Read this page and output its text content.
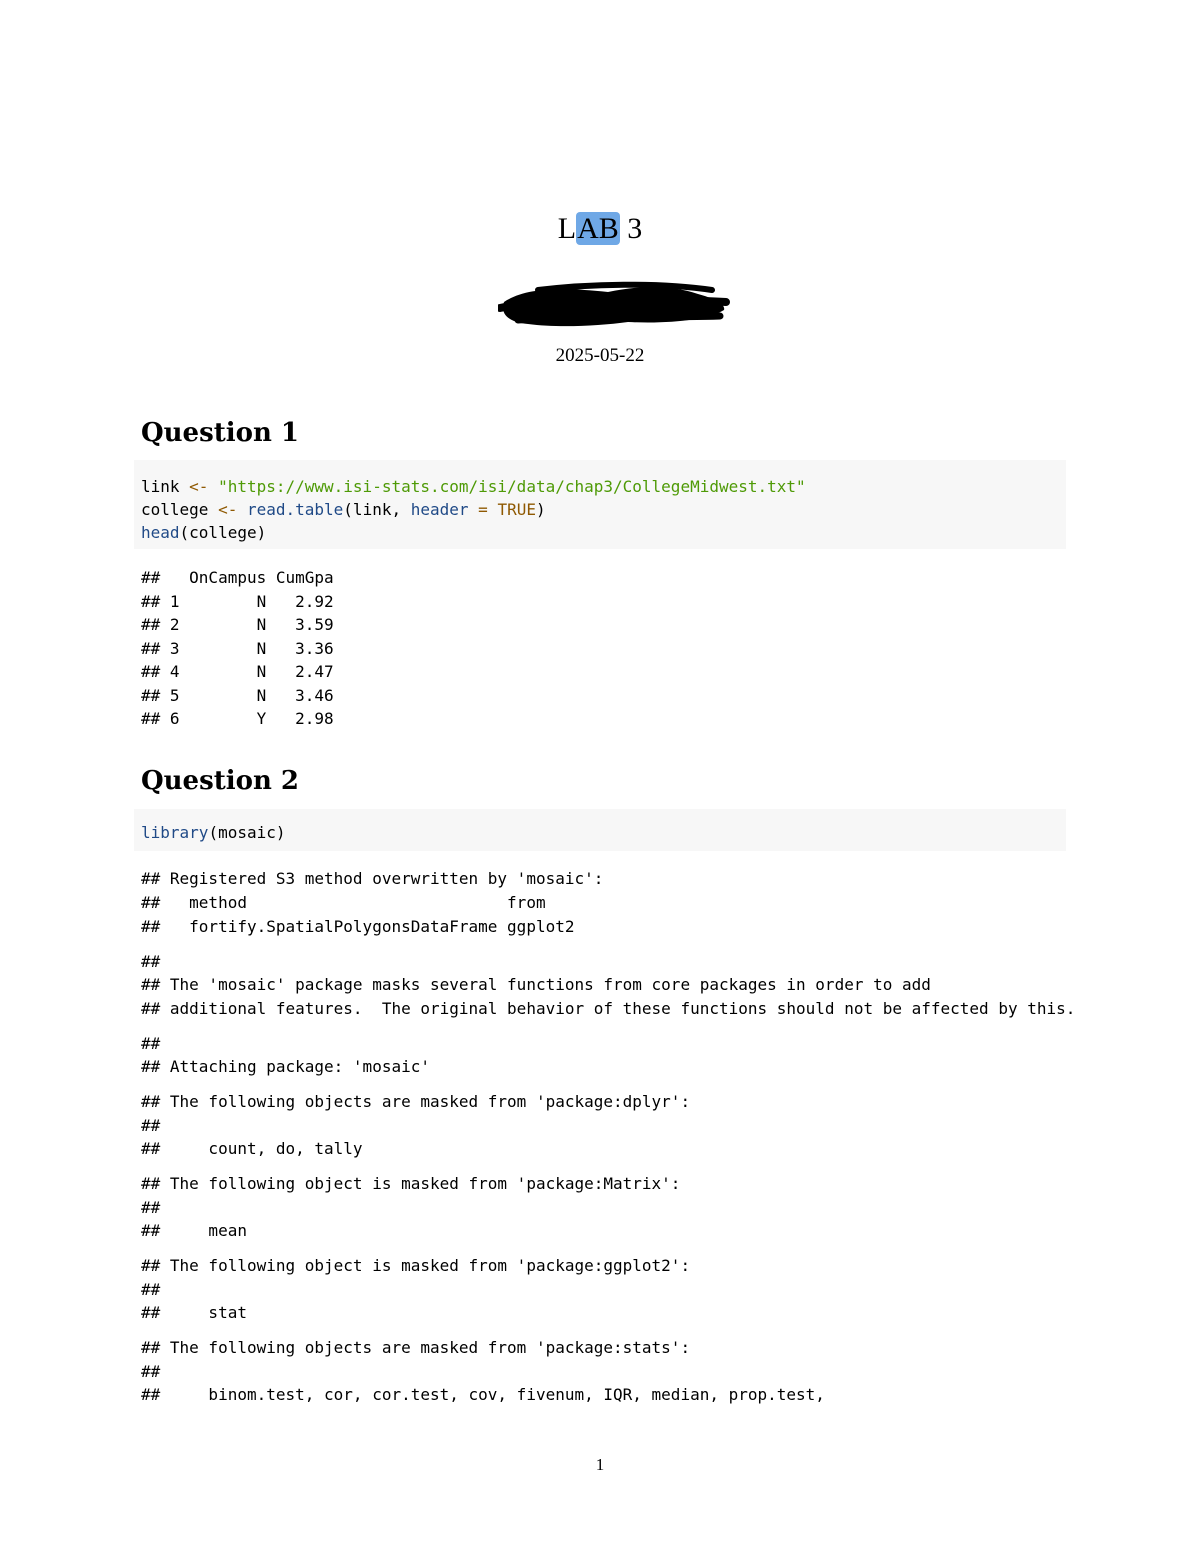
LAB 3
2025-05-22
Question 1

link <- "https://www.isi-stats.com/isi/data/chap3/CollegeMidwest.txt"

college <- read.table(link, header = TRUE)

head(college)

##   OnCampus CumGpa

## 1        N   2.92

## 2        N   3.59

## 3        N   3.36

## 4        N   2.47

## 5        N   3.46

## 6        Y   2.98

Question 2

library(mosaic)

## Registered S3 method overwritten by 'mosaic':

##   method                           from

##   fortify.SpatialPolygonsDataFrame ggplot2

##

## The 'mosaic' package masks several functions from core packages in order to add

## additional features.  The original behavior of these functions should not be affected by this.

##

## Attaching package: 'mosaic'

## The following objects are masked from 'package:dplyr':

##

##     count, do, tally

## The following object is masked from 'package:Matrix':

##

##     mean

## The following object is masked from 'package:ggplot2':

##

##     stat

## The following objects are masked from 'package:stats':

##

##     binom.test, cor, cor.test, cov, fivenum, IQR, median, prop.test,

1
